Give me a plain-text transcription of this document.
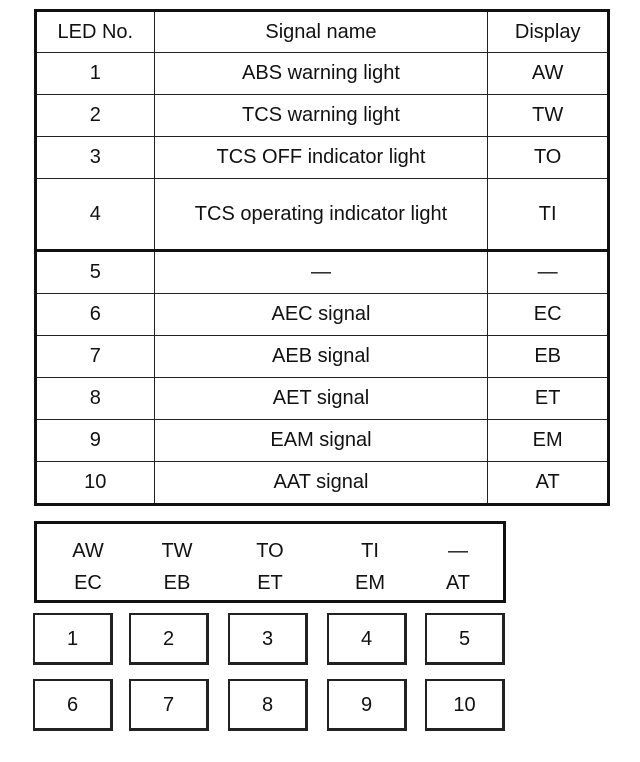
LED No.	Signal name	Display
1	ABS warning light	AW
2	TCS warning light	TW
3	TCS OFF indicator light	TO
4	TCS operating indicator light	TI
5	—	—
6	AEC signal	EC
7	AEB signal	EB
8	AET signal	ET
9	EAM signal	EM
10	AAT signal	AT
AW	TW	TO	TI	—
EC	EB	ET	EM	AT
1	2	3	4	5
6	7	8	9	10
